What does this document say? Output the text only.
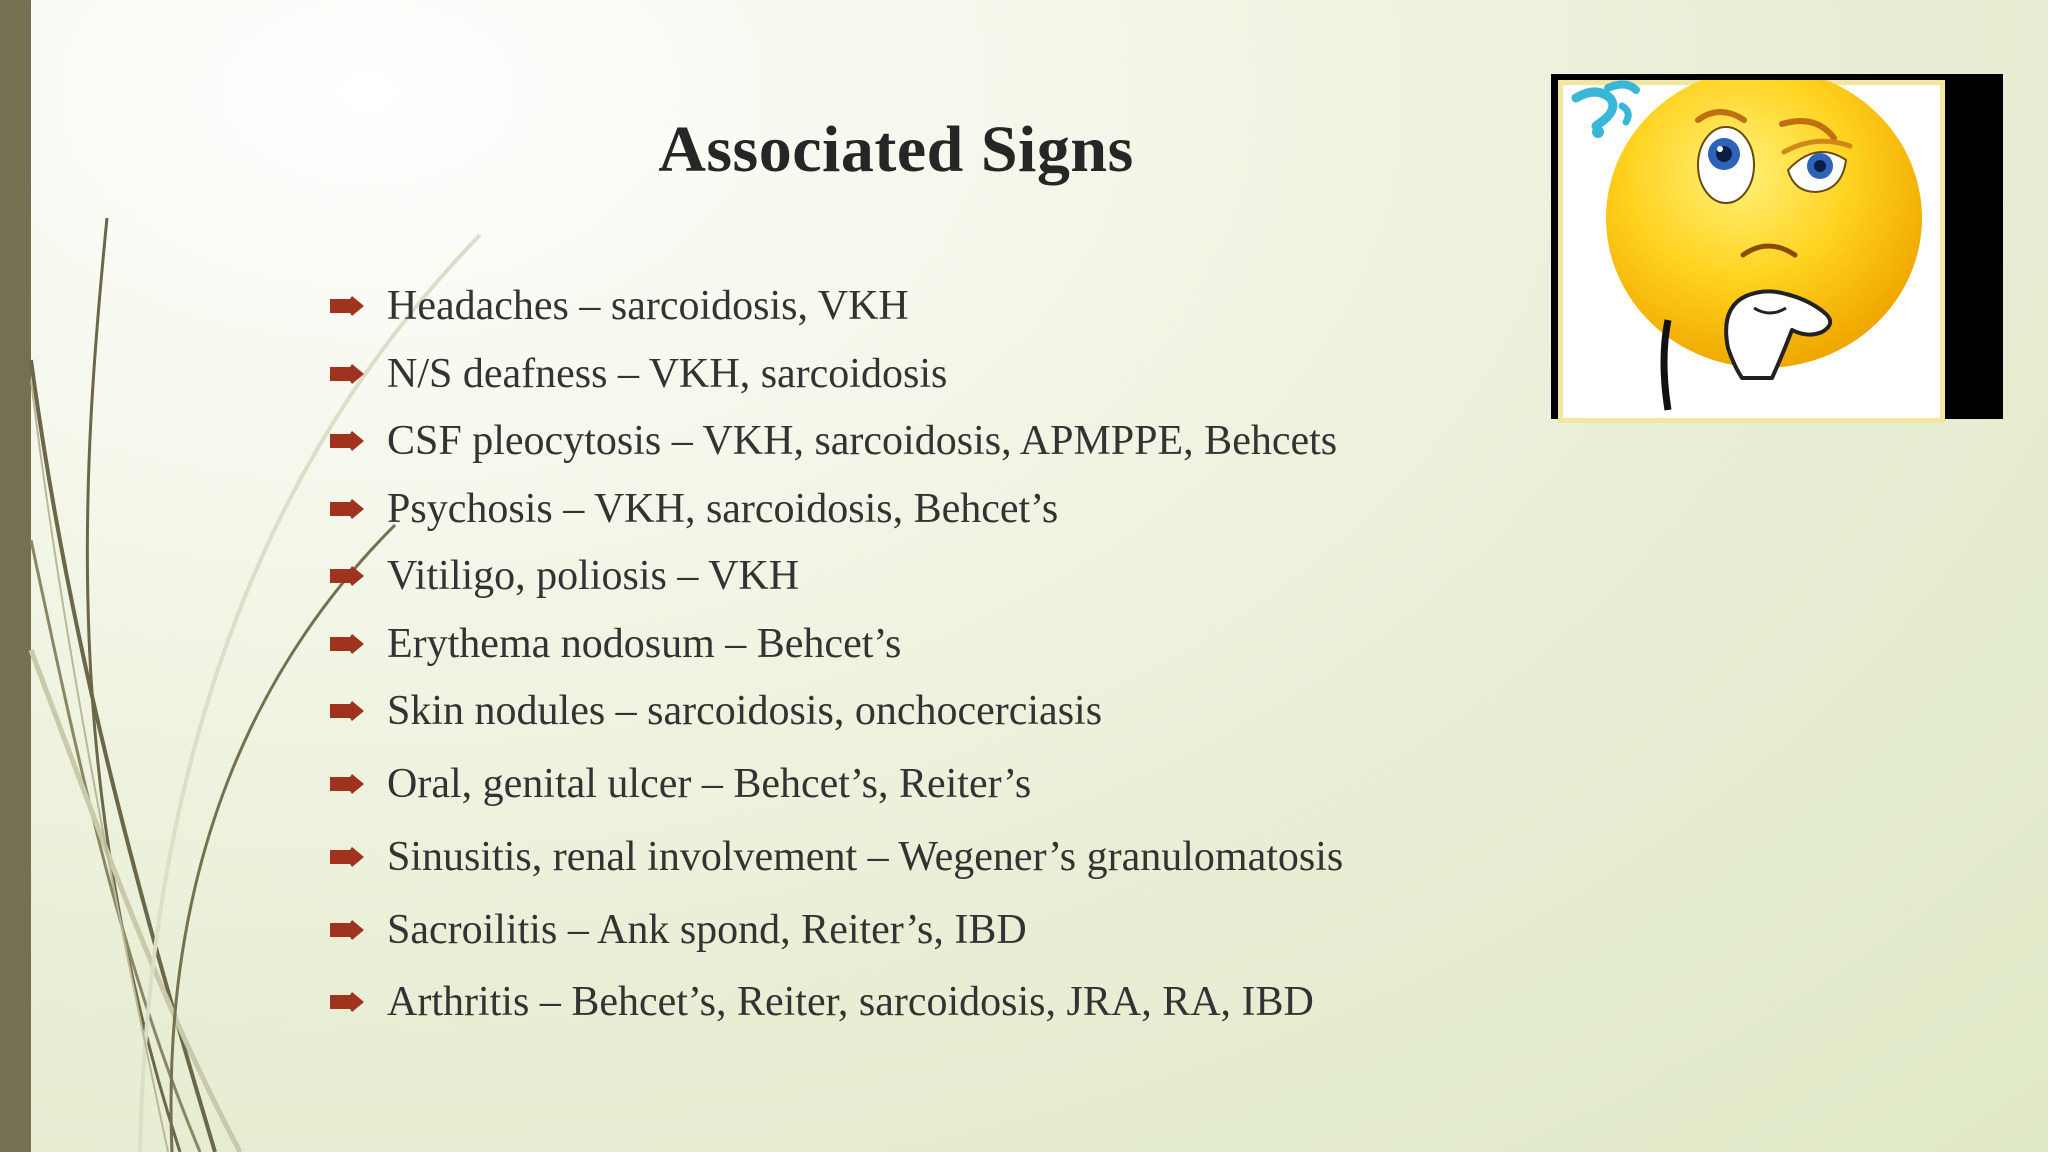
Associated Signs
Headaches – sarcoidosis, VKH
N/S deafness – VKH, sarcoidosis
CSF pleocytosis – VKH, sarcoidosis, APMPPE, Behcets
Psychosis – VKH, sarcoidosis, Behcet’s
Vitiligo, poliosis – VKH
Erythema nodosum – Behcet’s
Skin nodules – sarcoidosis, onchocerciasis
Oral, genital ulcer – Behcet’s, Reiter’s
Sinusitis, renal involvement – Wegener’s granulomatosis
Sacroilitis – Ank spond, Reiter’s, IBD
Arthritis – Behcet’s, Reiter, sarcoidosis, JRA, RA, IBD
